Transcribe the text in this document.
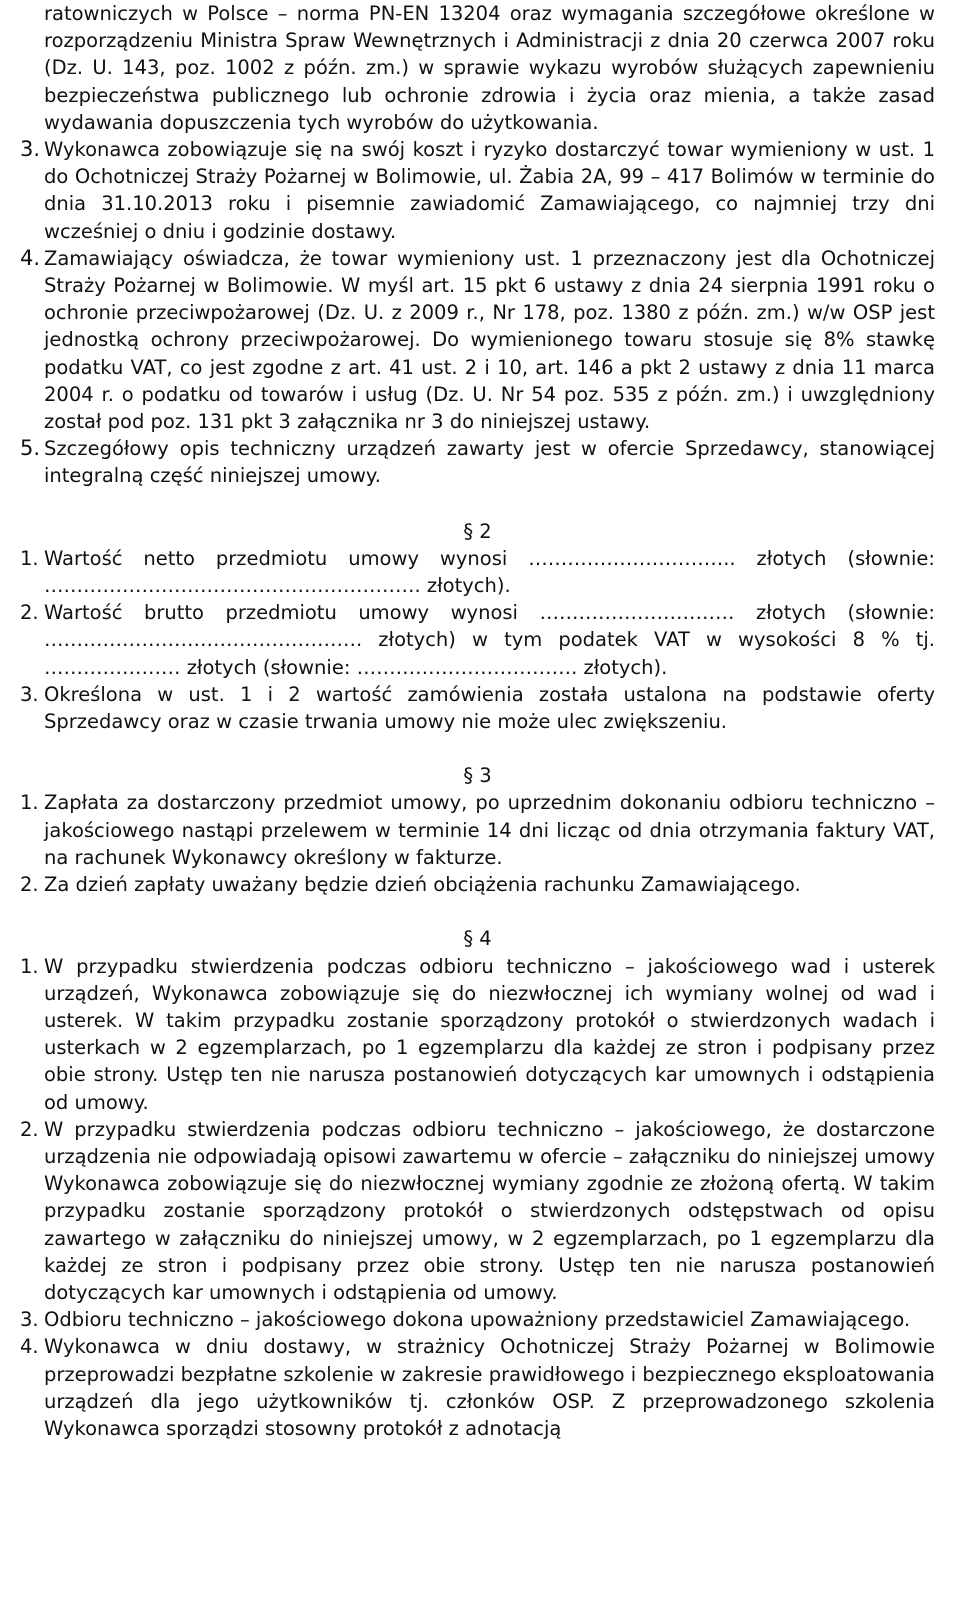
ratowniczych w Polsce – norma PN-EN 13204 oraz wymagania szczegółowe określone w rozporządzeniu Ministra Spraw Wewnętrznych i Administracji z dnia 20 czerwca 2007 roku (Dz. U. 143, poz. 1002 z późn. zm.) w sprawie wykazu wyrobów służących zapewnieniu bezpieczeństwa publicznego lub ochronie zdrowia i życia oraz mienia, a także zasad wydawania dopuszczenia tych wyrobów do użytkowania.

3. Wykonawca zobowiązuje się na swój koszt i ryzyko dostarczyć towar wymieniony w ust. 1 do Ochotniczej Straży Pożarnej w Bolimowie, ul. Żabia 2A, 99 – 417 Bolimów w terminie do dnia 31.10.2013 roku i pisemnie zawiadomić Zamawiającego, co najmniej trzy dni wcześniej o dniu i godzinie dostawy.

4. Zamawiający oświadcza, że towar wymieniony ust. 1 przeznaczony jest dla Ochotniczej Straży Pożarnej w Bolimowie. W myśl art. 15 pkt 6 ustawy z dnia 24 sierpnia 1991 roku o ochronie przeciwpożarowej (Dz. U. z 2009 r., Nr 178, poz. 1380 z późn. zm.) w/w OSP jest jednostką ochrony przeciwpożarowej. Do wymienionego towaru stosuje się 8% stawkę podatku VAT, co jest zgodne z art. 41 ust. 2 i 10, art. 146 a pkt 2 ustawy z dnia 11 marca 2004 r. o podatku od towarów i usług (Dz. U. Nr 54 poz. 535 z późn. zm.) i uwzględniony został pod poz. 131 pkt 3 załącznika nr 3 do niniejszej ustawy.

5. Szczegółowy opis techniczny urządzeń zawarty jest w ofercie Sprzedawcy, stanowiącej integralną część niniejszej umowy.

§ 2

1. Wartość netto przedmiotu umowy wynosi ………………………….. złotych (słownie: …………………………………………………. złotych).

2. Wartość brutto przedmiotu umowy wynosi ………………………… złotych (słownie: …………………………………………. złotych) w tym podatek VAT w wysokości 8 % tj. ………………… złotych (słownie: ……………………………. złotych).

3. Określona w ust. 1 i 2 wartość zamówienia została ustalona na podstawie oferty Sprzedawcy oraz w czasie trwania umowy nie może ulec zwiększeniu.

§ 3

1. Zapłata za dostarczony przedmiot umowy, po uprzednim dokonaniu odbioru techniczno – jakościowego nastąpi przelewem w terminie 14 dni licząc od dnia otrzymania faktury VAT, na rachunek Wykonawcy określony w fakturze.

2. Za dzień zapłaty uważany będzie dzień obciążenia rachunku Zamawiającego.

§ 4

1. W przypadku stwierdzenia podczas odbioru techniczno – jakościowego wad i usterek urządzeń, Wykonawca zobowiązuje się do niezwłocznej ich wymiany wolnej od wad i usterek. W takim przypadku zostanie sporządzony protokół o stwierdzonych wadach i usterkach w 2 egzemplarzach, po 1 egzemplarzu dla każdej ze stron i podpisany przez obie strony. Ustęp ten nie narusza postanowień dotyczących kar umownych i odstąpienia od umowy.

2. W przypadku stwierdzenia podczas odbioru techniczno – jakościowego, że dostarczone urządzenia nie odpowiadają opisowi zawartemu w ofercie – załączniku do niniejszej umowy Wykonawca zobowiązuje się do niezwłocznej wymiany zgodnie ze złożoną ofertą. W takim przypadku zostanie sporządzony protokół o stwierdzonych odstępstwach od opisu zawartego w załączniku do niniejszej umowy, w 2 egzemplarzach, po 1 egzemplarzu dla każdej ze stron i podpisany przez obie strony. Ustęp ten nie narusza postanowień dotyczących kar umownych i odstąpienia od umowy.

3. Odbioru techniczno – jakościowego dokona upoważniony przedstawiciel Zamawiającego.

4. Wykonawca w dniu dostawy, w strażnicy Ochotniczej Straży Pożarnej w Bolimowie przeprowadzi bezpłatne szkolenie w zakresie prawidłowego i bezpiecznego eksploatowania urządzeń dla jego użytkowników tj. członków OSP. Z przeprowadzonego szkolenia Wykonawca sporządzi stosowny protokół z adnotacją
